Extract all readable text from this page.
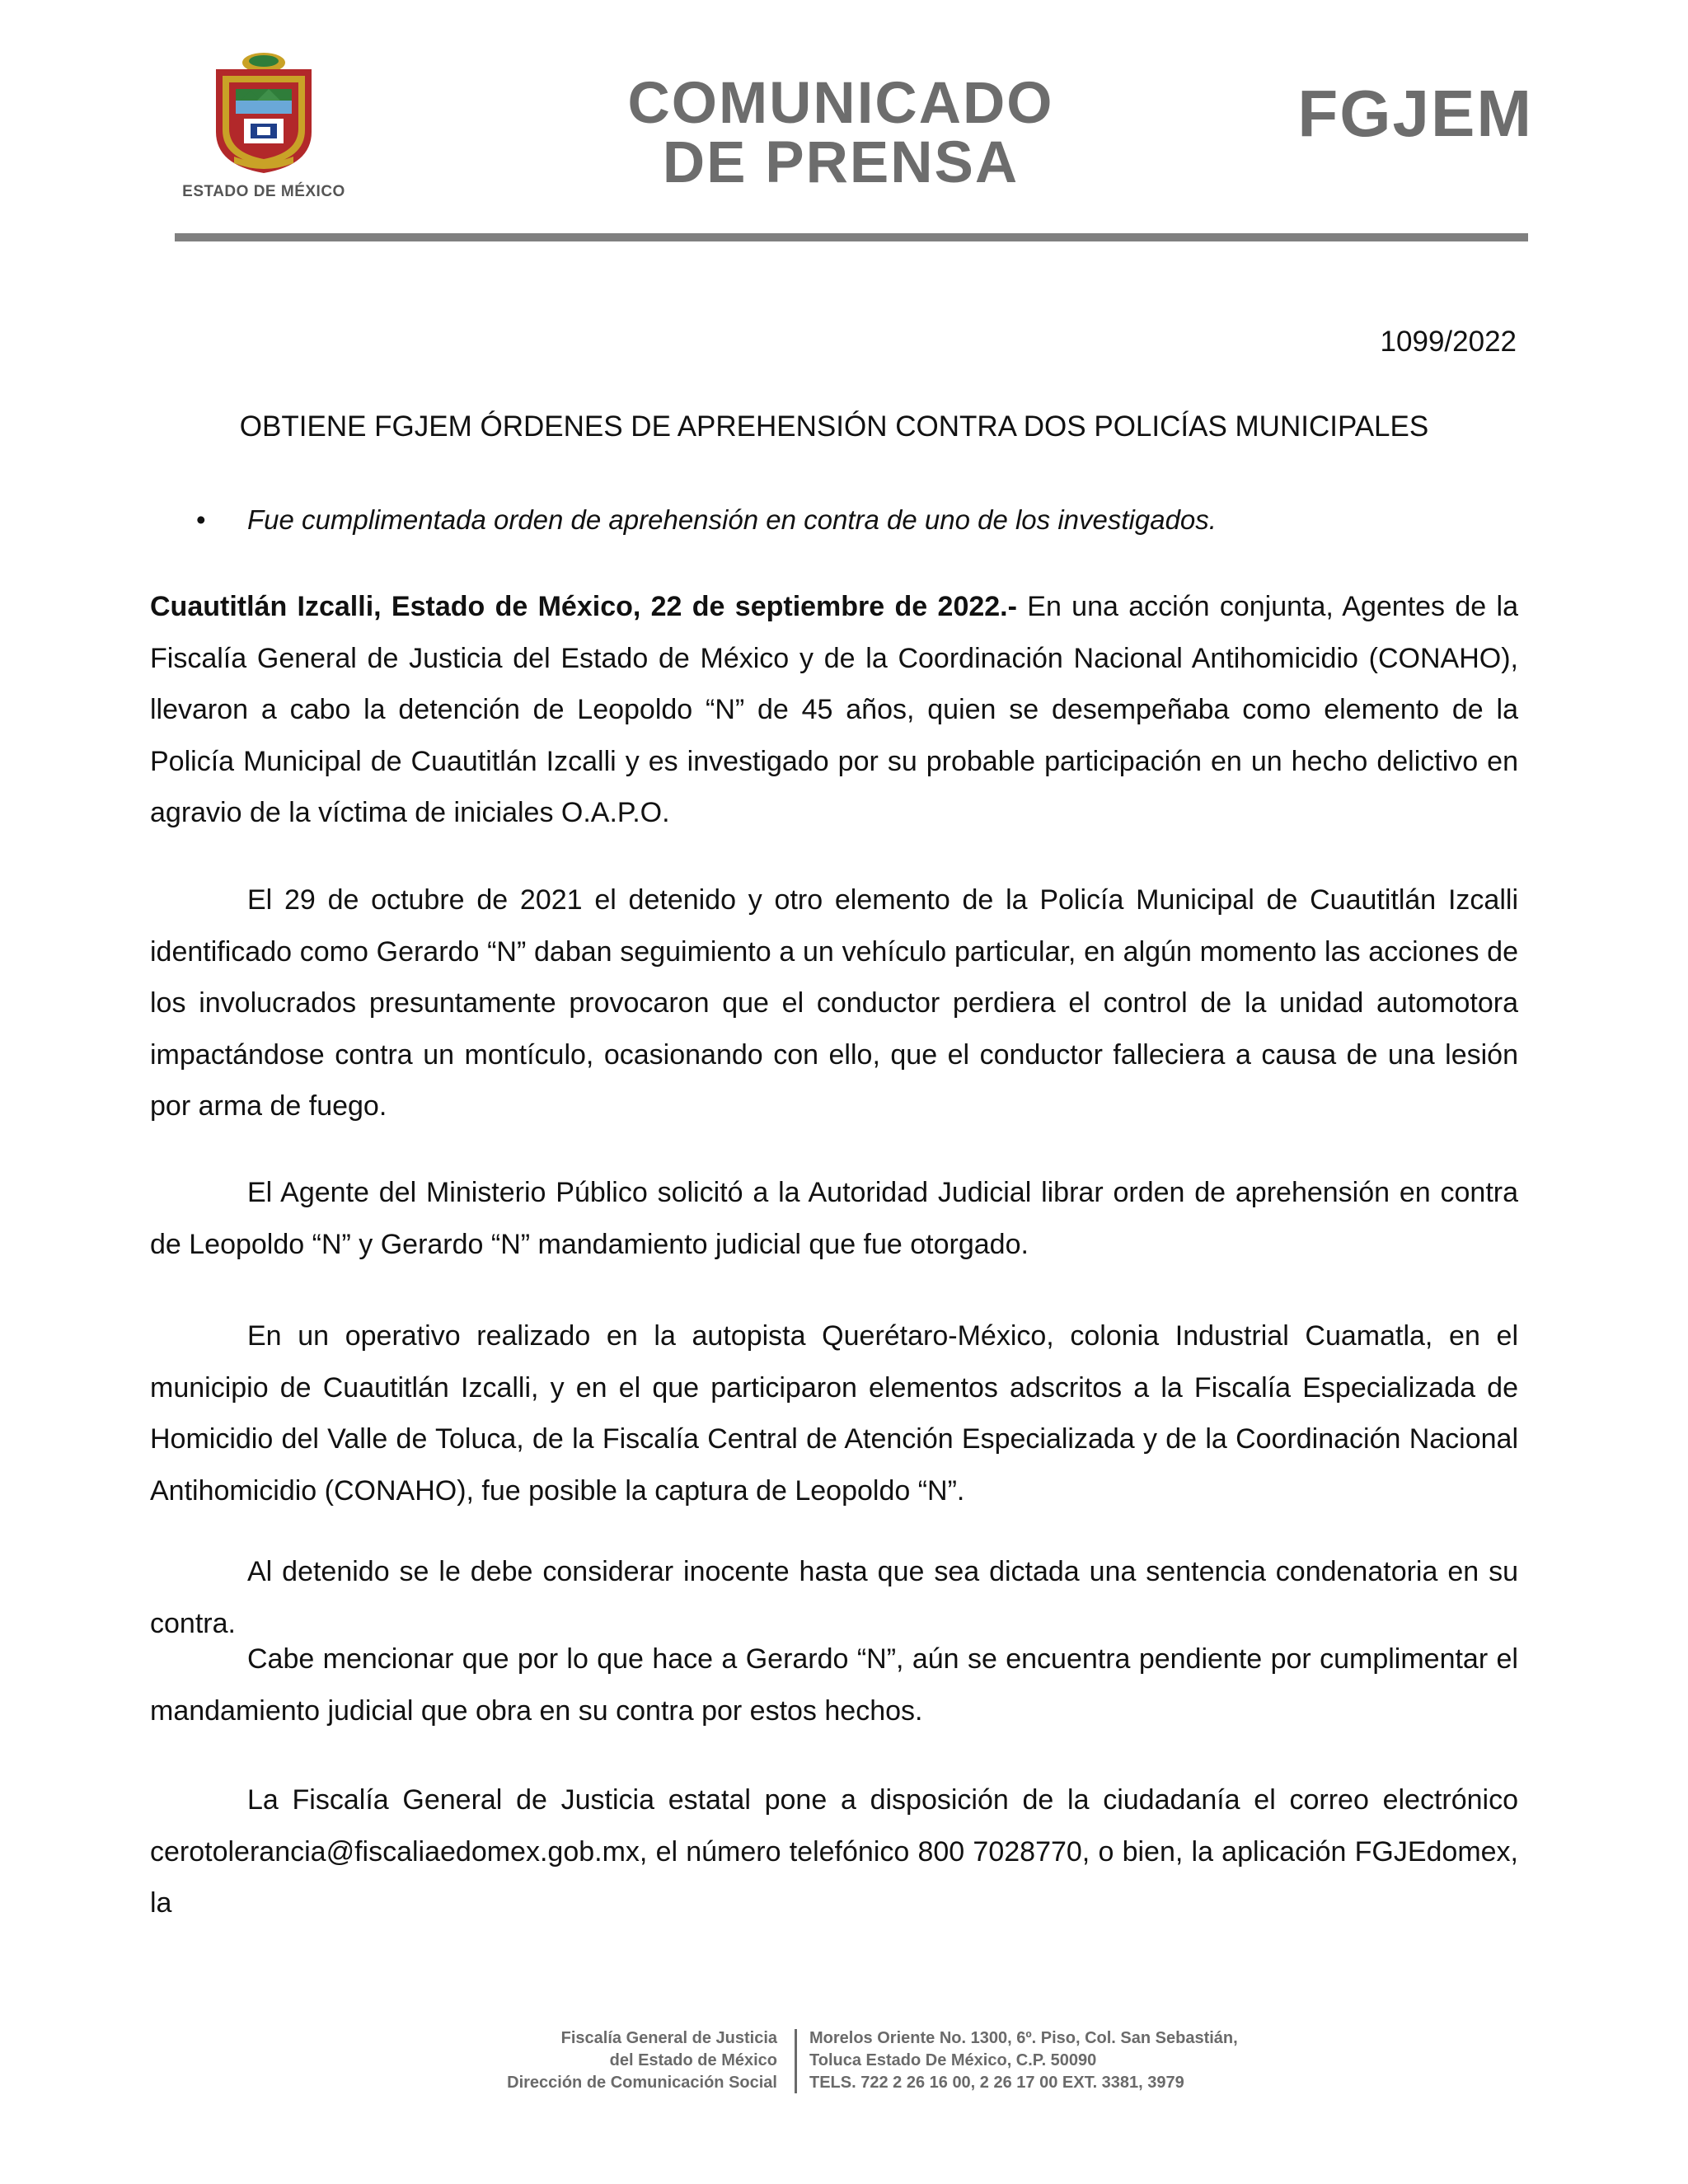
ESTADO DE MÉXICO
COMUNICADO
DE PRENSA
FGJEM
1099/2022
OBTIENE FGJEM ÓRDENES DE APREHENSIÓN CONTRA DOS POLICÍAS MUNICIPALES
• Fue cumplimentada orden de aprehensión en contra de uno de los investigados.
Cuautitlán Izcalli, Estado de México, 22 de septiembre de 2022.- En una acción conjunta, Agentes de la Fiscalía General de Justicia del Estado de México y de la Coordinación Nacional Antihomicidio (CONAHO), llevaron a cabo la detención de Leopoldo “N” de 45 años, quien se desempeñaba como elemento de la Policía Municipal de Cuautitlán Izcalli y es investigado por su probable participación en un hecho delictivo en agravio de la víctima de iniciales O.A.P.O.
El 29 de octubre de 2021 el detenido y otro elemento de la Policía Municipal de Cuautitlán Izcalli identificado como Gerardo “N” daban seguimiento a un vehículo particular, en algún momento las acciones de los involucrados presuntamente provocaron que el conductor perdiera el control de la unidad automotora impactándose contra un montículo, ocasionando con ello, que el conductor falleciera a causa de una lesión por arma de fuego.
El Agente del Ministerio Público solicitó a la Autoridad Judicial librar orden de aprehensión en contra de Leopoldo “N” y Gerardo “N” mandamiento judicial que fue otorgado.
En un operativo realizado en la autopista Querétaro-México, colonia Industrial Cuamatla, en el municipio de Cuautitlán Izcalli, y en el que participaron elementos adscritos a la Fiscalía Especializada de Homicidio del Valle de Toluca, de la Fiscalía Central de Atención Especializada y de la Coordinación Nacional Antihomicidio (CONAHO), fue posible la captura de Leopoldo “N”.
Al detenido se le debe considerar inocente hasta que sea dictada una sentencia condenatoria en su contra.
Cabe mencionar que por lo que hace a Gerardo “N”, aún se encuentra pendiente por cumplimentar el mandamiento judicial que obra en su contra por estos hechos.
La Fiscalía General de Justicia estatal pone a disposición de la ciudadanía el correo electrónico cerotolerancia@fiscaliaedomex.gob.mx, el número telefónico 800 7028770, o bien, la aplicación FGJEdomex, la
Fiscalía General de Justicia
del Estado de México
Dirección de Comunicación Social
Morelos Oriente No. 1300, 6º. Piso, Col. San Sebastián,
Toluca Estado De México, C.P. 50090
TELS. 722 2 26 16 00, 2 26 17 00 EXT. 3381, 3979
